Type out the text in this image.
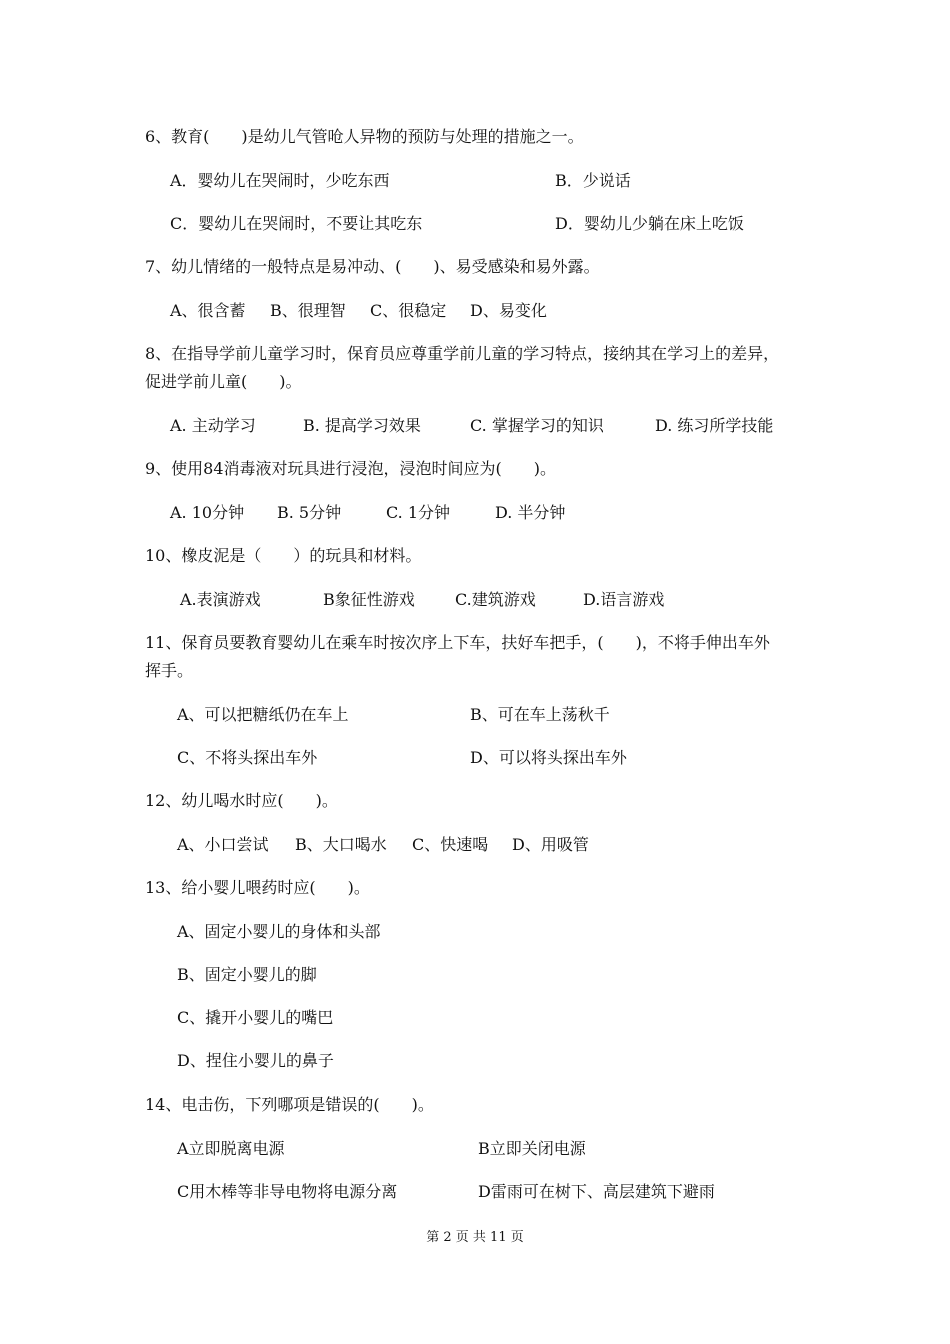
6、教育(　　)是幼儿气管呛人异物的预防与处理的措施之一。
A．婴幼儿在哭闹时，少吃东西	B．少说话
C．婴幼儿在哭闹时，不要让其吃东	D．婴幼儿少躺在床上吃饭
7、幼儿情绪的一般特点是易冲动、(　　)、易受感染和易外露。
A、很含蓄 B、很理智 C、很稳定 D、易变化
8、在指导学前儿童学习时，保育员应尊重学前儿童的学习特点，接纳其在学习上的差异，
促进学前儿童(　　)。
A. 主动学习	B. 提高学习效果	C. 掌握学习的知识	D. 练习所学技能
9、使用84消毒液对玩具进行浸泡，浸泡时间应为(　　)。
A. 10分钟 B. 5分钟	C. 1分钟	D. 半分钟
10、橡皮泥是（　　）的玩具和材料。
A.表演游戏	B象征性游戏	C.建筑游戏	D.语言游戏
11、保育员要教育婴幼儿在乘车时按次序上下车，扶好车把手，(　　)，不将手伸出车外
挥手。
A、可以把糖纸仍在车上	B、可在车上荡秋千
C、不将头探出车外	D、可以将头探出车外
12、幼儿喝水时应(　　)。
A、小口尝试 B、大口喝水 C、快速喝 D、用吸管
13、给小婴儿喂药时应(　　)。
A、固定小婴儿的身体和头部
B、固定小婴儿的脚
C、撬开小婴儿的嘴巴
D、捏住小婴儿的鼻子
14、电击伤，下列哪项是错误的(　　)。
A立即脱离电源	B立即关闭电源
C用木棒等非导电物将电源分离	D雷雨可在树下、高层建筑下避雨
第 2 页 共 11 页
